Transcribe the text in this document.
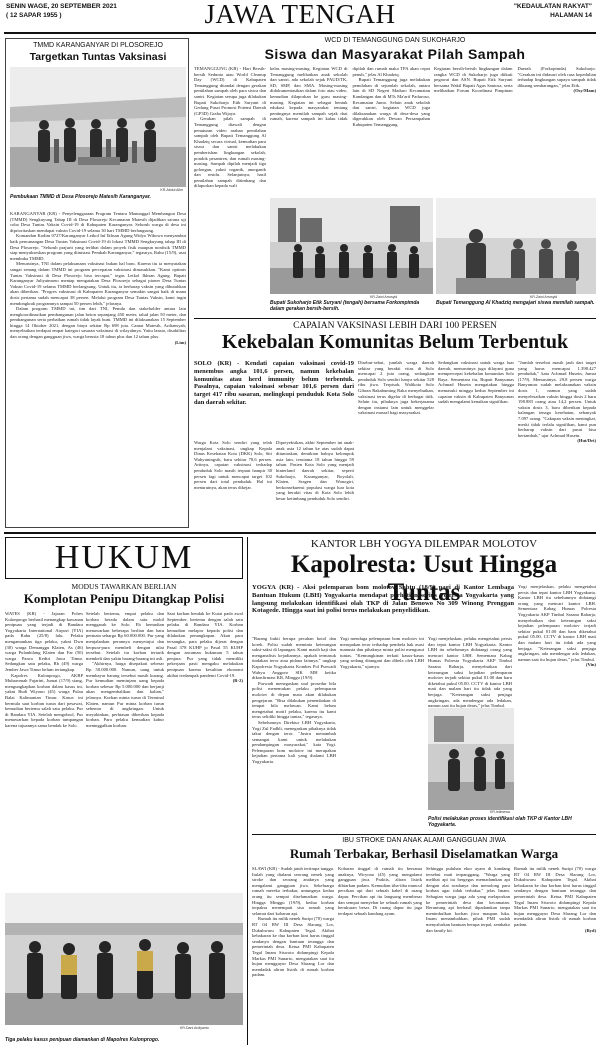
SENIN WAGE, 20 SEPTEMBER 2021
( 12 SAPAR 1955 )	JAWA TENGAH	"KEDAULATAN RAKYAT"
HALAMAN 14
TMMD KARANGANYAR DI PLOSOREJO
Targetkan Tuntas Vaksinasi
KR-Abdul Alim
Pembukaan TMMD di Desa Plosorejo Matesih Karanganyar.

KARANGANYAR (KR) - Penyelenggaraan Program Tentara Manunggal Membangun Desa (TMMD) Sengkuyung Tahap III di Desa Plosorejo Kecamatan Matesih dijadikan sarana uji coba Desa Tuntas Vaksin Covid-19 di Kabupaten Karanganyar. Seluruh warga di desa ini diprioritaskan mendapat vaksin Covid-19 selama 30 hari TMMD berlangsung.

Komandan Kodim 0727/Karanganyar Letkol Inf Ikhsan Agung Widyo Wibowo menyambut baik pencanangan Desa Tuntas Vaksinasi Covid-19 di lokasi TMMD Sengkuyung tahap III di Desa Plosorejo. "Seluruh prajurit yang terlibat dalam proyek fisik maupun nonfisik TMMD siap menyukseskan program yang diinisiasi Pemkab Karanganyar," tegasnya, Rabu (15/9), usai membuka TMMD.

Menurutnya, TNI dalam pelaksanaan vaksinasi bukan hal baru. Karena itu ia menyatakan sangat senang dalam TMMD ini program percepatan vaksinasi dimasukkan. "Kami optimis Tuntas Vaksinasi di Desa Plosorejo bisa tercapai," tegas Letkol Ikhsan Agung. Bupati Karanganyar Juliyatmono mentap mengatakan Desa Plosorejo sebagai pioner Desa Tuntas Vaksin Covid-19 selama TMMD berlangsung. Untuk itu, ia berharap vaksin yang dibutuhkan akan diberikan. "Progres vaksinasi di Kabupaten Karanganyar semakin sangat baik di mana dosis pertama sudah mencapai 38 persen. Melalui program Desa Tuntas Vaksin, kami ingin mendongkrak programnya sampai 50 persen lebih," jelasnya.

Dalam program TMMD ini, tim dari TNI, Pemda dan stakeholder antara lain mengkoordinasikan pembangunan jalan beton sepanjang 450 meter, talud jalan 50 meter, dan pembangunan serta perbaikan rumah tidak layak huni. TMMD ini dilaksanakan 15 September hingga 14 Oktober 2021, dengan biaya sekitar Rp 698 juta. Camat Matesih, Ardiansyah, menyebutkan terdapat empat kategori sasaran vaksinasi di wilayahnya. Yaitu lansia, disabilitas dan orang dengan gangguan jiwa, warga berusia 18 tahun plus dan 12 tahun plus.

(Lim)

WCD DI TEMANGGUNG DAN SUKOHARJO
Siswa dan Masyarakat Pilah Sampah

TEMANGGUNG (KR) - Hari Bersih-bersih Sedunia atau World Cleanup Day (WCD) di Kabupaten Temanggung ditandai dengan gerakan pemilahan sampah oleh para siswa dan santri. Kegiatan serupa juga dilakukan Bupati Sukoharjo Etik Suryani di Gedung Pusat Promosi Potensi Daerah (GP3D) Graha Wijaya.

Gerakan pilah sampah di Temanggung diawali dengan penuturan video arahan pemilahan sampah oleh Bupati Temanggung Al Khadziq secara virtual, kemudian para siswa dan santri melakukan pemberishan lingkungan sekolah, pondok pesantren, dan rumah masing-masing. Sampah dipilah menjadi tiga golongan, yakni organik, anorganik dan residu. Selanjutnya, hasil pemilahan sampah ditimbang dan dilaporkan kepada wali

kelas masing-masing. Kegiatan WCD di Temanggung melibatkan anak sekolah dan santri, ada sekolah sejak PAUD/TK, SD, SMP, dan SMA. Masing-masing didokumentasikan dalam foto atau video, kemudian dilaporkan ke guru masing-masing. Kegiatan ini sebagai bentuk edukasi kepada masyarakat tentang pentingnya memilah sampah sejak dari rumah, karena sampah ini kalau tidak dipilah dan rumah maka TPA akan cepat penuh," jelas Al Khadziq.

Bupati Temanggung juga melakukan pemilahan di sejumlah sekolah, antara lain di SD Negeri Maduro Kecamatan Kandangan dan di MTs Ma'arif Paduroso, Kecamatan Jumo. Selain anak sekolah dan santri, kegiatan WCD juga dilaksanakan warga di desa-desa yang digerakkan oleh Dewan Persampahan Kabupaten Temanggung.

Kegiatan bersih-bersih lingkungan dalam rangka WCD di Sukoharjo juga diikuti pegawai dan ASN. Bupati Etik Suryani bersama Wakil Bupati Agus Santosa, serta melibatkan Forum Koordinasi Pimpinan Daerah (Forkopimda) Sukoharjo. "Gerakan ini didasari oleh rasa kepedulian terhadap lingkungan supaya sampah tidak dibuang sembarangan," jelas Etik.

(Osy/Mam)

KR-Zaini Arrosyid
Bupati Sukoharjo Etik Suryani (tengah) bersama Forkompimda dalam gerakan bersih-bersih.
KR-Zaini Arrosyid
Bupati Temanggung Al Khadziq mengajari siswa memilah sampah.
CAPAIAN VAKSINASI LEBIH DARI 100 PERSEN
Kekebalan Komunitas Belum Terbentuk
SOLO (KR) - Kendati capaian vaksinasi covid-19 menembus angka 101,6 persen, namun kekebalan komunitas atau herd immunity belum terbentuk. Pasalnya, capaian vaksinasi sebesar 101,6 persen dari target 417 ribu sasaran, melingkupi penduduk Kota Solo dan daerah sekitar.

Warga Kota Solo sendiri yang telah menjalani vaksinasi, ungkap Kepala Dinas Kesehatan Kota (DKK) Solo, Siti Wahyuningsih, baru sekitar 78,6 persen. Artinya, capaian vaksinasi terhadap penduduk Solo masih terpaut hampir 30 persen lagi untuk mencapai target 102 persen dari total penduduk. Hal ini menurutnya, akan terus dikejar.

Dipreyeksikan, akhir September ini anak-anak usia 12 tahun ke atas sudah dapat dituntaskan, demikian halnya kelompok usia lain, terutama 18 tahun hingga 59 tahun. Pasien Kota Solo yang menjadi hinterland daerah sekitar, seperti Sukoharjo, Karanganyar, Boyolali, Klaten, Sragen dan Wonogiri, berkonsekuensi populasi warga luar kota yang berakti vitas di Kota Solo lebih besar ketimbang penduduk Solo sendiri.

Disebut-sebut, jumlah warga daerah sekitar yang berakti vitas di Solo mencapai 2 juta orang, sedangkan penduduk Solo sendiri hanya sekitar 528 ribu jiwa. Terpisah, Walikota Solo Gibran Rakabuming Raka menyebutkan, vaksinasi terus digelar di berbagai titik. Selain itu, pihaknya juga bekerjasama dengan instansi lain untuk menggelar vaksinasi massal bagi masyarakat.

Sedangkan vaksinasi untuk warga luar daerah, menurutnya juga dilayani guna mempercepat kekebalan komunitas Solo Raya. Sementara itu, Bupati Banyumas Achmad Husein mengatakan hingga memasuki minggu kedua September ini capaian vaksin di Kabupaten Banyumas sudah mengalami kenaikan signifikan.

"Jumlah tersebut masih jauh dari target yang harus mencapai 1.398.427 penduduk," kata Achmad Husein, Jumat (17/9). Menurutnya, 29,8 persen warga Banyumas sudah melaksanakan vaksin dosis 1, namun yang sudah menyelesaikan vaksin hingga dosis 2 baru 198.883 orang atau 14,2 persen. Untuk vaksin dosis 3, baru diberikan kepada kalangan tenaga kesehatan, sebanyak 7.097 orang. "Cakupan vaksin meningkat, meski tidak terlalu signifikan, kami pun berharap vaksin dari pusat bisa bertambah," ujar Achmad Husein.

(Hut/Dri)

HUKUM
MODUS TAWARKAN BERLIAN
Komplotan Penipu Ditangkap Polisi

WATES (KR) - Jajaran Polres Kulonprogo berhasil menangkap kawanan penipuan yang terjadi di Bandara Yogyakarta International Airport (YIA) pada Rabu (25/8) lalu. Pelaku mengamankan tiga pelaku, yakni Dwn (30) warga Demanggu Klaten, As (46) warga Pulanbilang Klaten dan Far (50) warga Panca Kediri Jawa Timur. Sedangkan satu pelaku, Rb (49) warga Jember Jawa Timur belum tertangkap.

Kapolres Kulonprogo, AKBP Muharomah Fajarini, Jumat (17/9) siang, mengungkapkan korban dalam kasus ini, yakni Budi Wiyono (45) warga Pulau Balai Kalimantan Timur. Kasus ini bermula saat korban turun dari pesawat, kemudian bertemu salah satu pelaku. Pur di Bandara YIA. Setelah mengobrol, Pur menawarkan kepada korban tumpangan karena tujuannya sama hendak ke Solo.

Setelah bertemu, empat pelaku dan korban berada dalam satu mobil menggarah ke Solo. Eb kemudian menawarkan beberapa berlian dan batu permata seharga Rp 60.000.000. Pur yang menjalankan perannya menyetujui dan berpura-pura membeli dengan nilai tersebut. Setelah itu korban tertarik membeli dan yakin barang-barang ini asli.

"Akhirnya, harga disepakati sebesar Rp 50.000.000. Namun, uang untuk membayar barang tersebut masih kurang. Pur kemudian meminjam uang kepada korban sebesar Rp 5.000.000 dan berjanji akan mengembalikan dan kalian," jelasnya. Korban minta turun di Terminal Klaten, namun Pur minta korban turun sebentar di angkringan. Untuk meyakinkan, perhiasan diberikan kepada korban. Para pelaku kemudian kabur meninggalkan korban.

Saat korban hendak ke Kutai pada awal September, bertemu dengan salah satu pelaku di Bandara YIA. Korban kemudian melapor kepada polisi dan dilakukan penangkapan. Akan para tersangka, para pelaku dijerat dengan Pasal 378 KUHP jo Pasal 55 KUHP dengan ancaman hukuman 5 tahun penjara. Pur yang tidak memiliki pekerjaan pasti mengaku melakukan penipuan karena kesulitan ekonomi akibat terdampak pandemi Covid-19.

(R-2)

KR-Dani Ardiyanto
Tiga pelaku kasus penipuan diamankan di Mapolres Kulonprogo.
KANTOR LBH YOGYA DILEMPAR MOLOTOV
Kapolresta: Usut Hingga Tuntas
YOGYA (KR) - Aksi pelemparan bom molotov Sabtu (18/9) pagi di Kantor Lembaga Bantuan Hukum (LBH) Yogyakarta mendapat perhatian serius Polresta Yogyakarta yang langsung melakukan identifikasi olah TKP di Jalan Benowo No 309 Winong Prenggan Kotagede. Hingga saat ini polisi terus melakukan penyelidikan.

"Barang bukti berupa pecahan botol dan korek. Polisi sudah meminta keterangan saksi-saksi di lapangan. Kami masih kaji dan menganalisis kejadiannya, apakah termasuk tindakan teror atau pidana lainnya," ungkap Kapolresta Yogyakarta Kombes Pol Purwadi Wahyu Anggoro SIK MH ketika dikonfirmasi KR, Minggu (19/9).

Purwadi menegaskan soal prosedur bila polisi menemukan pelaku pelemparan molotov di depan mata akan dilakukan pengejaran. "Bisa dilakukan penembakan di tempat bila melawan. Kami belum mengetahui motif pelaku, karena itu kami terus selidiki hingga tuntas," tegasnya.

Sebelumnya Direktur LBH Yogyakarta, Yogi Zul Fadhli, menegaskan pihaknya tidak takut dengan teror. "Justru menambah semangat kami untuk melakukan pendampingan masyarakat," kata Yogi. Pelemparan bom molotov ini merupakan kejadian pertama kali yang dialami LBH Yogyakarta.

Yogi menduga pelemparan bom molotov ini merupakan teror terhadap pembela hak asasi manusia dan pihaknya minta polisi mengusut tuntas. "Kemungkinan terkait kasus-kasus yang sedang ditangani dan dibela oleh LBH Yogyakarta," ujarnya.

Yogi menjelaskan, pelaku mengetahui persis dan tepat kantor LBH Yogyakarta. Kantor LBH itu sebelumnya didatangi orang yang mencari kantor LBH. Sementara Kabag Humas Polresta Yogyakarta AKP Timbul Sasana Raharja, menyebutkan dari keterangan saksi kejadian pelemparan molotov terjadi sekitar pukul 01.00 dan baru diketahui pukul 05.00. CCTV di kantor LBH mati dan malam hari itu tidak ada yang berjaga. "Keterangan saksi penjaga angkringan, ada mendengar ada ledakan, namun saat itu hujan deras," jelas Timbul.

Yogi menjelaskan, pelaku mengetahui persis dan tepat kantor LBH Yogyakarta. Kantor LBH itu sebelumnya didatangi orang yang mencari kantor LBH. Sementara Kabag Humas Polresta Yogyakarta AKP Timbul Sasana Raharja, menyebutkan dari keterangan saksi kejadian pelemparan molotov terjadi sekitar pukul 01.00 dan baru diketahui pukul 05.00. CCTV di kantor LBH mati dan malam hari itu tidak ada yang berjaga. "Keterangan saksi penjaga angkringan, ada mendengar ada ledakan, namun saat itu hujan deras," jelas Timbul.

(Vin)

KR-Istimewa
Polisi melakukan proses identifikasi olah TKP di Kantor LBH Yogyakarta.
IBU STROKE DAN ANAK ALAMI GANGGUAN JIWA
Rumah Terbakar, Berhasil Diselamatkan Warga

SLAWI (KR) - Sudah jatuh tertimpa tangga. Itulah yang dialami seorang nenek yang stroke dan seorang anaknya yang mengalami gangguan jiwa. Sekeluarga rumah mereka terbakar, untungnya kedua orang itu sempat diselamatkan warga. Hingga Minggu (19/9), kedua korban terpaksa menempati sisa rumah yang selamat dari kobaran api.

Rumah itu milik nenek Suripi (70) warga RT 04 RW III Desa Slarang Lor, Dukuhwaru Kabupaten Tegal. Akibat kebakaran ke dua korban kini harus tinggal seadanya dengan bantuan tetangga dan pemerintah desa. Ketua PMI Kabupaten Tegal Imam Siswoto didampingi Kepala Markas PMI Sunarto, mengatakan saat itu hujan mengguyur Desa Slarang Lor dan mendadak aliran listrik di rumah korban padam.

Kobaran tinggal di rumah itu bersama anaknya, Wiryono (45) yang mengalami gangguan jiwa. Praktis, aliran listrik dibiarkan padam. Kemudian tiba-tiba muncul percikan api dari sebuah kabel di ruang dapur. Percikan api itu langsung membesar dan sempat menyebar ke sebuah rumah yang berukuran besar. Di ruang dapur itu jaga terdapat sebuah kandang ayam.

Sehingga puluhan ekor ayam di kandang tersebut mati terpanggang. "Warga yang melihat api itu bergegas memadamkan api dengan alat seadanya dan menolong para korban agar tidak terbakar," jelas Imam. Sebagian warga juga ada yang melaporkan ke pemerintah desa dan kecamatan. Beruntung api berhasil dipadamkan tanpa menimbulkan korban jiwa maupun luka. Imam menambahkan, pihak PMI sudah menyalurkan bantuan berupa terpal, sembako dan family kit.

Rumah itu milik nenek Suripi (70) warga RT 04 RW III Desa Slarang Lor, Dukuhwaru Kabupaten Tegal. Akibat kebakaran ke dua korban kini harus tinggal seadanya dengan bantuan tetangga dan pemerintah desa. Ketua PMI Kabupaten Tegal Imam Siswoto didampingi Kepala Markas PMI Sunarto, mengatakan saat itu hujan mengguyur Desa Slarang Lor dan mendadak aliran listrik di rumah korban padam.

(Ryd)
